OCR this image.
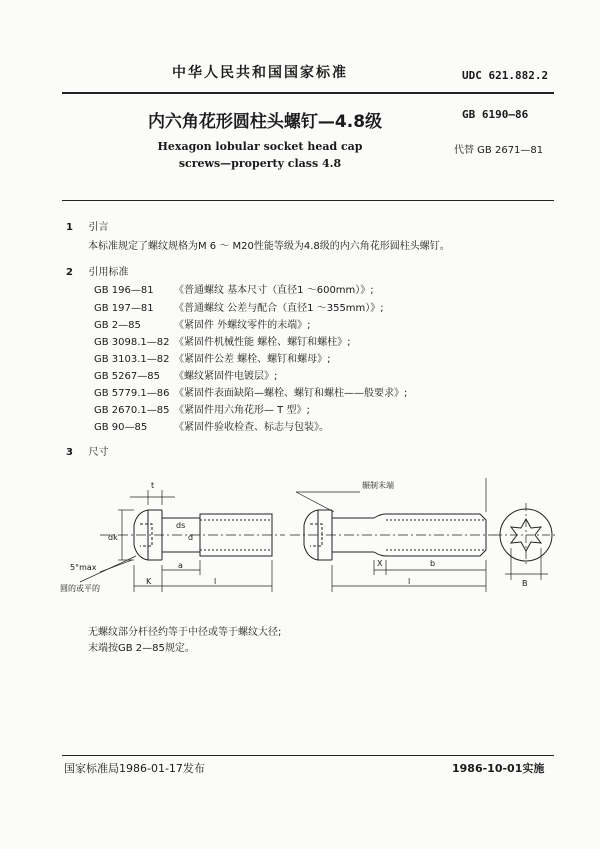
中华人民共和国国家标准	UDC 621.882.2
内六角花形圆柱头螺钉—4.8级	GB 6190—86
Hexagon lobular socket head cap
screws—property class 4.8
代替 GB 2671—81
1 引言
本标准规定了螺纹规格为M 6 ～ M20性能等级为4.8级的内六角花形圆柱头螺钉。
2 引用标准
GB 196—81 《普通螺纹 基本尺寸（直径1 ～600mm）》;
GB 197—81 《普通螺纹 公差与配合（直径1 ～355mm）》;
GB 2—85	《紧固件 外螺纹零件的末端》;
GB 3098.1—82 《紧固件机械性能 螺栓、螺钉和螺柱》;
GB 3103.1—82 《紧固件公差 螺栓、螺钉和螺母》;
GB 5267—85 《螺纹紧固件电镀层》;
GB 5779.1—86 《紧固件表面缺陷—螺栓、螺钉和螺柱——般要求》;
GB 2670.1—85 《紧固件用六角花形— T 型》;
GB 90—85	《紧固件验收检查、标志与包装》。
3 尺寸
t
dk
ds
d
a
K	l
5°max
圆的或平的
辗制末端
X	b
l	B
无螺纹部分杆径约等于中径或等于螺纹大径;
末端按GB 2—85规定。
国家标准局1986-01-17发布	1986-10-01实施
